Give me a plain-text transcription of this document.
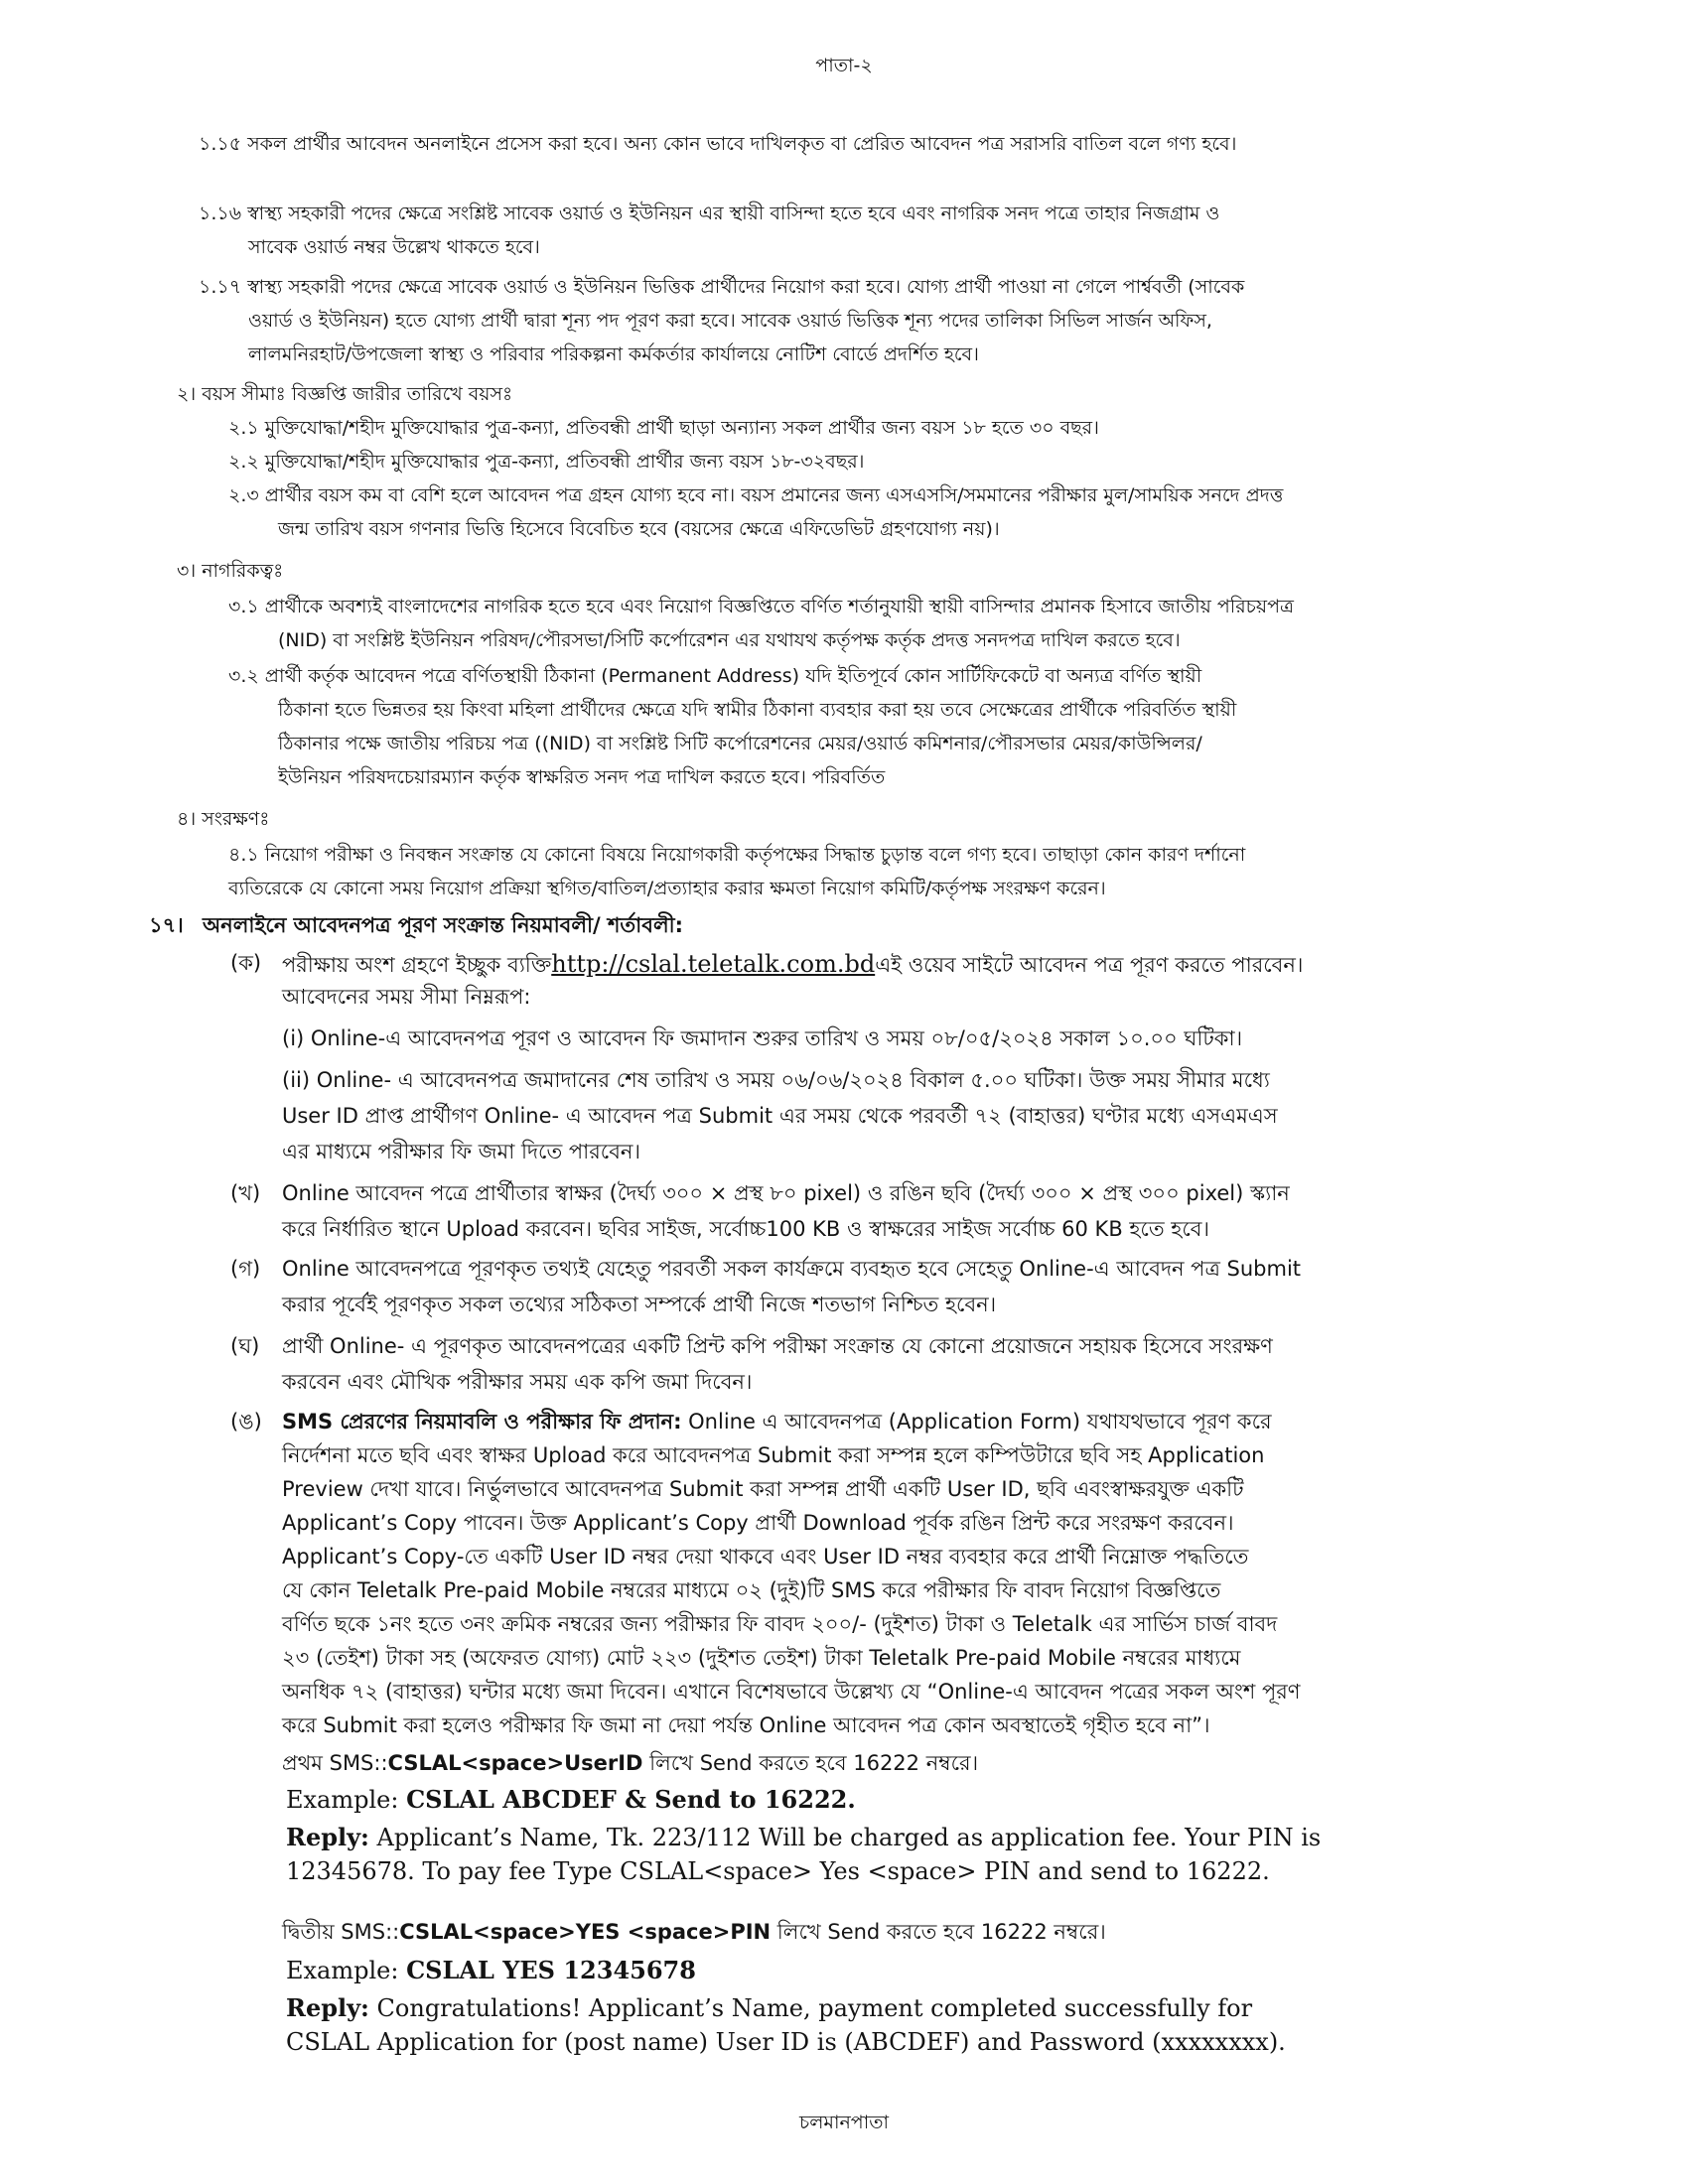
পাতা-২
১.১৫ সকল প্রার্থীর আবেদন অনলাইনে প্রসেস করা হবে। অন্য কোন ভাবে দাখিলকৃত বা প্রেরিত আবেদন পত্র সরাসরি বাতিল বলে গণ্য হবে।
১.১৬ স্বাস্থ্য সহকারী পদের ক্ষেত্রে সংশ্লিষ্ট সাবেক ওয়ার্ড ও ইউনিয়ন এর স্থায়ী বাসিন্দা হতে হবে এবং নাগরিক সনদ পত্রে তাহার নিজগ্রাম ও
সাবেক ওয়ার্ড নম্বর উল্লেখ থাকতে হবে।
১.১৭ স্বাস্থ্য সহকারী পদের ক্ষেত্রে সাবেক ওয়ার্ড ও ইউনিয়ন ভিত্তিক প্রার্থীদের নিয়োগ করা হবে। যোগ্য প্রার্থী পাওয়া না গেলে পার্শ্ববর্তী (সাবেক
ওয়ার্ড ও ইউনিয়ন) হতে যোগ্য প্রার্থী দ্বারা শূন্য পদ পূরণ করা হবে। সাবেক ওয়ার্ড ভিত্তিক শূন্য পদের তালিকা সিভিল সার্জন অফিস,
লালমনিরহাট/উপজেলা স্বাস্থ্য ও পরিবার পরিকল্পনা কর্মকর্তার কার্যালয়ে নোটিশ বোর্ডে প্রদর্শিত হবে।
২। বয়স সীমাঃ বিজ্ঞপ্তি জারীর তারিখে বয়সঃ
২.১ মুক্তিযোদ্ধা/শহীদ মুক্তিযোদ্ধার পুত্র-কন্যা, প্রতিবন্ধী প্রার্থী ছাড়া অন্যান্য সকল প্রার্থীর জন্য বয়স ১৮ হতে ৩০ বছর।
২.২ মুক্তিযোদ্ধা/শহীদ মুক্তিযোদ্ধার পুত্র-কন্যা, প্রতিবন্ধী প্রার্থীর জন্য বয়স ১৮-৩২বছর।
২.৩ প্রার্থীর বয়স কম বা বেশি হলে আবেদন পত্র গ্রহন যোগ্য হবে না। বয়স প্রমানের জন্য এসএসসি/সমমানের পরীক্ষার মুল/সাময়িক সনদে প্রদত্ত
জন্ম তারিখ বয়স গণনার ভিত্তি হিসেবে বিবেচিত হবে (বয়সের ক্ষেত্রে এফিডেভিট গ্রহণযোগ্য নয়)।
৩। নাগরিকত্বঃ
৩.১ প্রার্থীকে অবশ্যই বাংলাদেশের নাগরিক হতে হবে এবং নিয়োগ বিজ্ঞপ্তিতে বর্ণিত শর্তানুযায়ী স্থায়ী বাসিন্দার প্রমানক হিসাবে জাতীয় পরিচয়পত্র
(NID) বা সংশ্লিষ্ট ইউনিয়ন পরিষদ/পৌরসভা/সিটি কর্পোরেশন এর যথাযথ কর্তৃপক্ষ কর্তৃক প্রদত্ত সনদপত্র দাখিল করতে হবে।
৩.২ প্রার্থী কর্তৃক আবেদন পত্রে বর্ণিতস্থায়ী ঠিকানা (Permanent Address) যদি ইতিপূর্বে কোন সার্টিফিকেটে বা অন্যত্র বর্ণিত স্থায়ী
ঠিকানা হতে ভিন্নতর হয় কিংবা মহিলা প্রার্থীদের ক্ষেত্রে যদি স্বামীর ঠিকানা ব্যবহার করা হয় তবে সেক্ষেত্রের প্রার্থীকে পরিবর্তিত স্থায়ী
ঠিকানার পক্ষে জাতীয় পরিচয় পত্র ((NID) বা সংশ্লিষ্ট সিটি কর্পোরেশনের মেয়র/ওয়ার্ড কমিশনার/পৌরসভার মেয়র/কাউন্সিলর/
ইউনিয়ন পরিষদচেয়ারম্যান কর্তৃক স্বাক্ষরিত সনদ পত্র দাখিল করতে হবে। পরিবর্তিত
৪। সংরক্ষণঃ
৪.১ নিয়োগ পরীক্ষা ও নিবন্ধন সংক্রান্ত যে কোনো বিষয়ে নিয়োগকারী কর্তৃপক্ষের সিদ্ধান্ত চুড়ান্ত বলে গণ্য হবে। তাছাড়া কোন কারণ দর্শানো
ব্যতিরেকে যে কোনো সময় নিয়োগ প্রক্রিয়া স্থগিত/বাতিল/প্রত্যাহার করার ক্ষমতা নিয়োগ কমিটি/কর্তৃপক্ষ সংরক্ষণ করেন।
১৭। অনলাইনে আবেদনপত্র পূরণ সংক্রান্ত নিয়মাবলী/ শর্তাবলী:
(ক) পরীক্ষায় অংশ গ্রহণে ইচ্ছুক ব্যক্তিhttp://cslal.teletalk.com.bdএই ওয়েব সাইটে আবেদন পত্র পূরণ করতে পারবেন।
আবেদনের সময় সীমা নিম্নরূপ:
(i) Online-এ আবেদনপত্র পূরণ ও আবেদন ফি জমাদান শুরুর তারিখ ও সময় ০৮/০৫/২০২৪ সকাল ১০.০০ ঘটিকা।
(ii) Online- এ আবেদনপত্র জমাদানের শেষ তারিখ ও সময় ০৬/০৬/২০২৪ বিকাল ৫.০০ ঘটিকা। উক্ত সময় সীমার মধ্যে
User ID প্রাপ্ত প্রার্থীগণ Online- এ আবেদন পত্র Submit এর সময় থেকে পরবর্তী ৭২ (বাহাত্তর) ঘণ্টার মধ্যে এসএমএস
এর মাধ্যমে পরীক্ষার ফি জমা দিতে পারবেন।
(খ) Online আবেদন পত্রে প্রার্থীতার স্বাক্ষর (দৈর্ঘ্য ৩০০ × প্রস্থ ৮০ pixel) ও রঙিন ছবি (দৈর্ঘ্য ৩০০ × প্রস্থ ৩০০ pixel) স্ক্যান
করে নির্ধারিত স্থানে Upload করবেন। ছবির সাইজ, সর্বোচ্চ100 KB ও স্বাক্ষরের সাইজ সর্বোচ্চ 60 KB হতে হবে।
(গ) Online আবেদনপত্রে পূরণকৃত তথ্যই যেহেতু পরবর্তী সকল কার্যক্রমে ব্যবহৃত হবে সেহেতু Online-এ আবেদন পত্র Submit
করার পূর্বেই পূরণকৃত সকল তথ্যের সঠিকতা সম্পর্কে প্রার্থী নিজে শতভাগ নিশ্চিত হবেন।
(ঘ) প্রার্থী Online- এ পূরণকৃত আবেদনপত্রের একটি প্রিন্ট কপি পরীক্ষা সংক্রান্ত যে কোনো প্রয়োজনে সহায়ক হিসেবে সংরক্ষণ
করবেন এবং মৌখিক পরীক্ষার সময় এক কপি জমা দিবেন।
(ঙ) SMS প্রেরণের নিয়মাবলি ও পরীক্ষার ফি প্রদান: Online এ আবেদনপত্র (Application Form) যথাযথভাবে পূরণ করে
নির্দেশনা মতে ছবি এবং স্বাক্ষর Upload করে আবেদনপত্র Submit করা সম্পন্ন হলে কম্পিউটারে ছবি সহ Application
Preview দেখা যাবে। নির্ভুলভাবে আবেদনপত্র Submit করা সম্পন্ন প্রার্থী একটি User ID, ছবি এবংস্বাক্ষরযুক্ত একটি
Applicant’s Copy পাবেন। উক্ত Applicant’s Copy প্রার্থী Download পূর্বক রঙিন প্রিন্ট করে সংরক্ষণ করবেন।
Applicant’s Copy-তে একটি User ID নম্বর দেয়া থাকবে এবং User ID নম্বর ব্যবহার করে প্রার্থী নিম্নোক্ত পদ্ধতিতে
যে কোন Teletalk Pre-paid Mobile নম্বরের মাধ্যমে ০২ (দুই)টি SMS করে পরীক্ষার ফি বাবদ নিয়োগ বিজ্ঞপ্তিতে
বর্ণিত ছকে ১নং হতে ৩নং ক্রমিক নম্বরের জন্য পরীক্ষার ফি বাবদ ২০০/- (দুইশত) টাকা ও Teletalk এর সার্ভিস চার্জ বাবদ
২৩ (তেইশ) টাকা সহ (অফেরত যোগ্য) মোট ২২৩ (দুইশত তেইশ) টাকা Teletalk Pre-paid Mobile নম্বরের মাধ্যমে
অনধিক ৭২ (বাহাত্তর) ঘন্টার মধ্যে জমা দিবেন। এখানে বিশেষভাবে উল্লেখ্য যে “Online-এ আবেদন পত্রের সকল অংশ পূরণ
করে Submit করা হলেও পরীক্ষার ফি জমা না দেয়া পর্যন্ত Online আবেদন পত্র কোন অবস্থাতেই গৃহীত হবে না”।
প্রথম SMS::CSLAL<space>UserID লিখে Send করতে হবে 16222 নম্বরে।
Example: CSLAL ABCDEF & Send to 16222.
Reply: Applicant’s Name, Tk. 223/112 Will be charged as application fee. Your PIN is
12345678. To pay fee Type CSLAL<space> Yes <space> PIN and send to 16222.
দ্বিতীয় SMS::CSLAL<space>YES <space>PIN লিখে Send করতে হবে 16222 নম্বরে।
Example: CSLAL YES 12345678
Reply: Congratulations! Applicant’s Name, payment completed successfully for
CSLAL Application for (post name) User ID is (ABCDEF) and Password (xxxxxxxx).
চলমানপাতা
